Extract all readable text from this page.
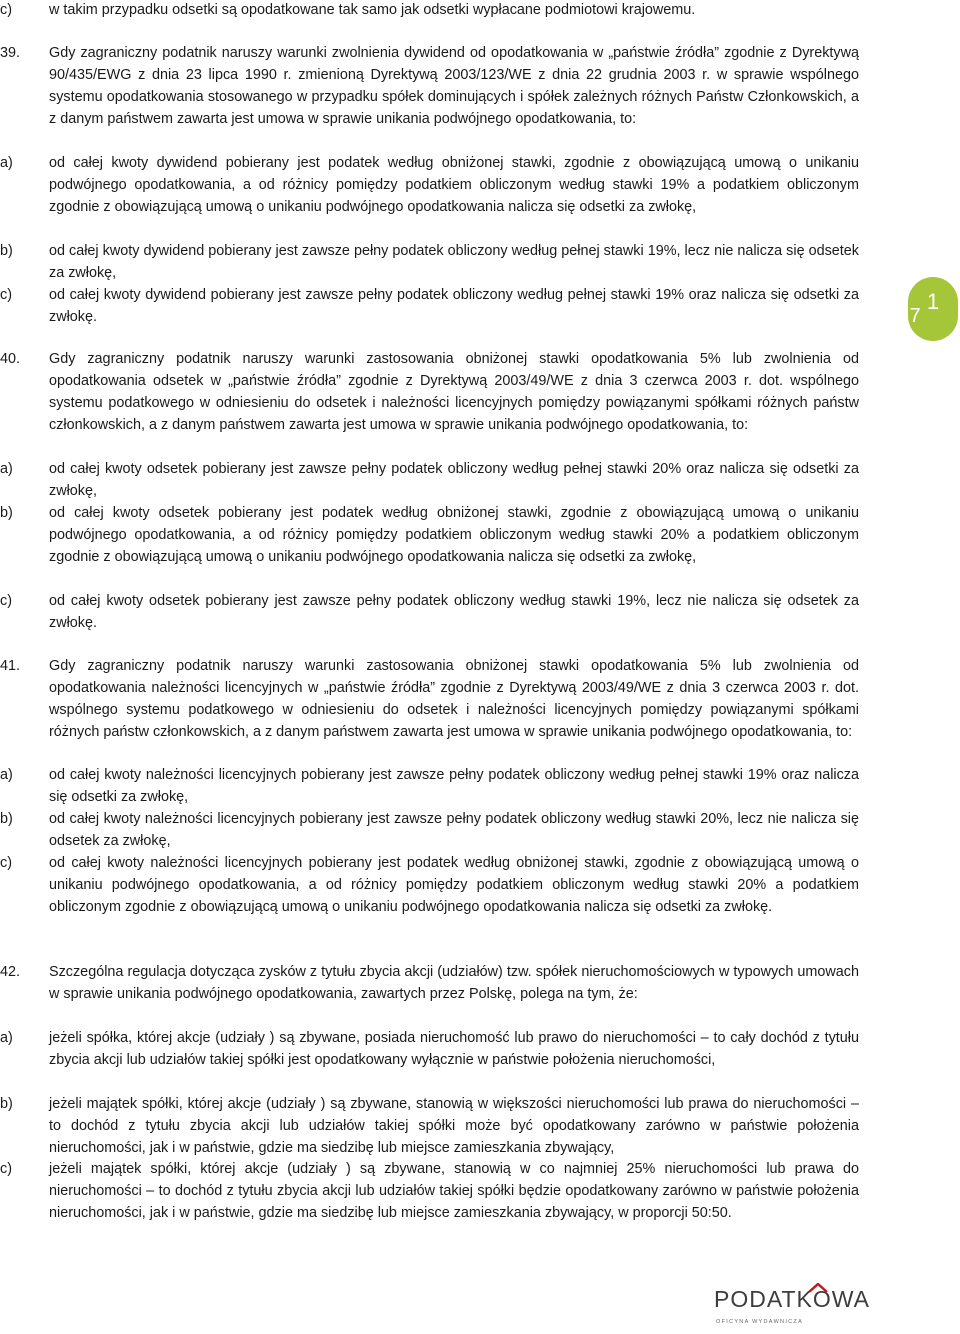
c)	w takim przypadku odsetki są opodatkowane tak samo jak odsetki wypłacane podmiotowi krajowemu.

39. Gdy zagraniczny podatnik naruszy warunki zwolnienia dywidend od opodatkowania w „państwie źródła” zgodnie z Dyrektywą 90/435/EWG z dnia 23 lipca 1990 r. zmienioną Dyrektywą 2003/123/WE z dnia 22 grudnia 2003 r. w sprawie wspólnego systemu opodatkowania stosowanego w przypadku spółek dominujących i spółek zależnych różnych Państw Członkowskich, a z danym państwem zawarta jest umowa w sprawie unikania podwójnego opodatkowania, to:

a)	od całej kwoty dywidend pobierany jest podatek według obniżonej stawki, zgodnie z obowiązującą umową o unikaniu podwójnego opodatkowania, a od różnicy pomiędzy podatkiem obliczonym według stawki 19% a podatkiem obliczonym zgodnie z obowiązującą umową o unikaniu podwójnego opodatkowania nalicza się odsetki za zwłokę,

b)	od całej kwoty dywidend pobierany jest zawsze pełny podatek obliczony według pełnej stawki 19%, lecz nie nalicza się odsetek za zwłokę,

c)	od całej kwoty dywidend pobierany jest zawsze pełny podatek obliczony według pełnej stawki 19% oraz nalicza się odsetki za zwłokę.

40. Gdy zagraniczny podatnik naruszy warunki zastosowania obniżonej stawki opodatkowania 5% lub zwolnienia od opodatkowania odsetek w „państwie źródła” zgodnie z Dyrektywą 2003/49/WE z dnia 3 czerwca 2003 r. dot. wspólnego systemu podatkowego w odniesieniu do odsetek i należności licencyjnych pomiędzy powiązanymi spółkami różnych państw członkowskich, a z danym państwem zawarta jest umowa w sprawie unikania podwójnego opodatkowania, to:

a)	od całej kwoty odsetek pobierany jest zawsze pełny podatek obliczony według pełnej stawki 20% oraz nalicza się odsetki za zwłokę,

b)	od całej kwoty odsetek pobierany jest podatek według obniżonej stawki, zgodnie z obowiązującą umową o unikaniu podwójnego opodatkowania, a od różnicy pomiędzy podatkiem obliczonym według stawki 20% a podatkiem obliczonym zgodnie z obowiązującą umową o unikaniu podwójnego opodatkowania nalicza się odsetki za zwłokę,

c)	od całej kwoty odsetek pobierany jest zawsze pełny podatek obliczony według stawki 19%, lecz nie nalicza się odsetek za zwłokę.

41. Gdy zagraniczny podatnik naruszy warunki zastosowania obniżonej stawki opodatkowania 5% lub zwolnienia od opodatkowania należności licencyjnych w „państwie źródła” zgodnie z Dyrektywą 2003/49/WE z dnia 3 czerwca 2003 r. dot. wspólnego systemu podatkowego w odniesieniu do odsetek i należności licencyjnych pomiędzy powiązanymi spółkami różnych państw członkowskich, a z danym państwem zawarta jest umowa w sprawie unikania podwójnego opodatkowania, to:

a)	od całej kwoty należności licencyjnych pobierany jest zawsze pełny podatek obliczony według pełnej stawki 19% oraz nalicza się odsetki za zwłokę,

b)	od całej kwoty należności licencyjnych pobierany jest zawsze pełny podatek obliczony według stawki 20%, lecz nie nalicza się odsetek za zwłokę,

c)	od całej kwoty należności licencyjnych pobierany jest podatek według obniżonej stawki, zgodnie z obowiązującą umową o unikaniu podwójnego opodatkowania, a od różnicy pomiędzy podatkiem obliczonym według stawki 20% a podatkiem obliczonym zgodnie z obowiązującą umową o unikaniu podwójnego opodatkowania nalicza się odsetki za zwłokę.

42. Szczególna regulacja dotycząca zysków z tytułu zbycia akcji (udziałów) tzw. spółek nieruchomościowych w typowych umowach w sprawie unikania podwójnego opodatkowania, zawartych przez Polskę, polega na tym, że:

a)	jeżeli spółka, której akcje (udziały ) są zbywane, posiada nieruchomość lub prawo do nieruchomości – to cały dochód z tytułu zbycia akcji lub udziałów takiej spółki jest opodatkowany wyłącznie w państwie położenia nieruchomości,

b)	jeżeli majątek spółki, której akcje (udziały ) są zbywane, stanowią w większości nieruchomości lub prawa do nieruchomości – to dochód z tytułu zbycia akcji lub udziałów takiej spółki może być opodatkowany zarówno w państwie położenia nieruchomości, jak i w państwie, gdzie ma siedzibę lub miejsce zamieszkania zbywający,

c)	jeżeli majątek spółki, której akcje (udziały ) są zbywane, stanowią w co najmniej 25% nieruchomości lub prawa do nieruchomości – to dochód z tytułu zbycia akcji lub udziałów takiej spółki będzie opodatkowany zarówno w państwie położenia nieruchomości, jak i w państwie, gdzie ma siedzibę lub miejsce zamieszkania zbywający, w proporcji 50:50.

1
7
PODATKOWA
OFICYNA WYDAWNICZA
